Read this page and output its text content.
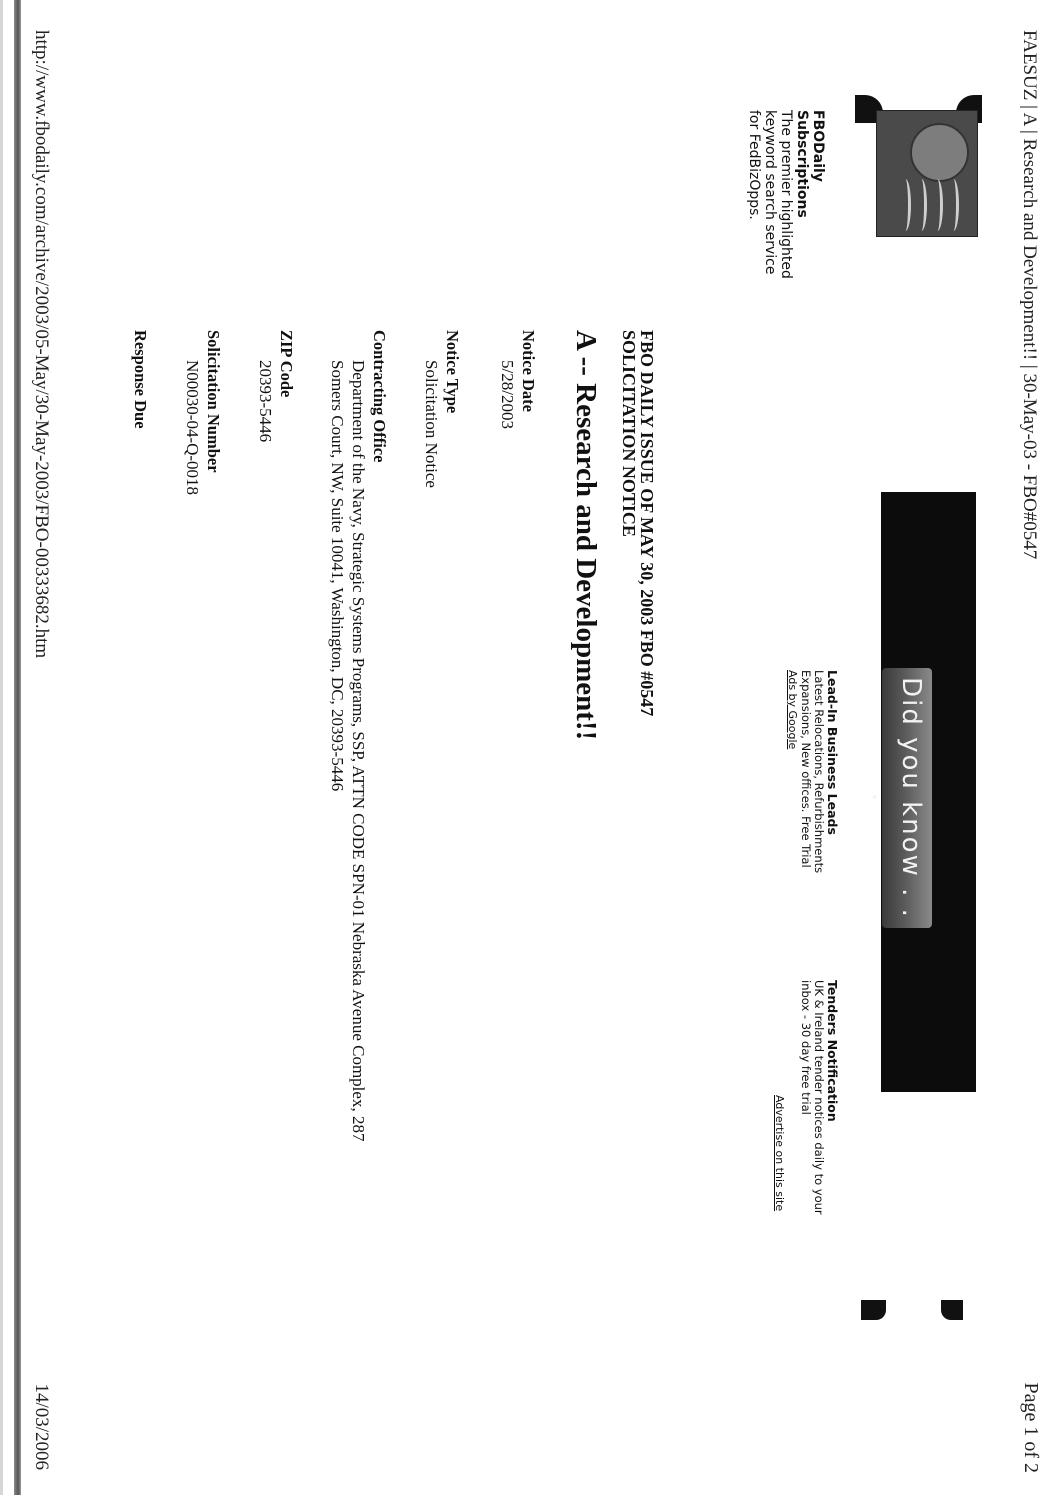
FAESUZ | A | Research and Development!! | 30-May-03 - FBO#0547
Page 1 of 2
Did you know . . .
FBODaily
Subscriptions
The premier highlighted
keyword search service
for FedBizOpps.
Lead-In Business Leads
Latest Relocations, Refurbishments
Expansions, New offices. Free Trial
Ads by Google
Tenders Notification
UK & Ireland tender notices daily to your
inbox - 30 day free trial
Advertise on this site
FBO DAILY ISSUE OF MAY 30, 2003 FBO #0547
SOLICITATION NOTICE
A -- Research and Development!!
Notice Date
5/28/2003
Notice Type
Solicitation Notice
Contracting Office
Department of the Navy, Strategic Systems Programs, SSP, ATTN CODE SPN-01 Nebraska Avenue Complex, 287
Somers Court, NW, Suite 10041, Washington, DC, 20393-5446
ZIP Code
20393-5446
Solicitation Number
N00030-04-Q-0018
Response Due
http://www.fbodaily.com/archive/2003/05-May/30-May-2003/FBO-00333682.htm
14/03/2006
